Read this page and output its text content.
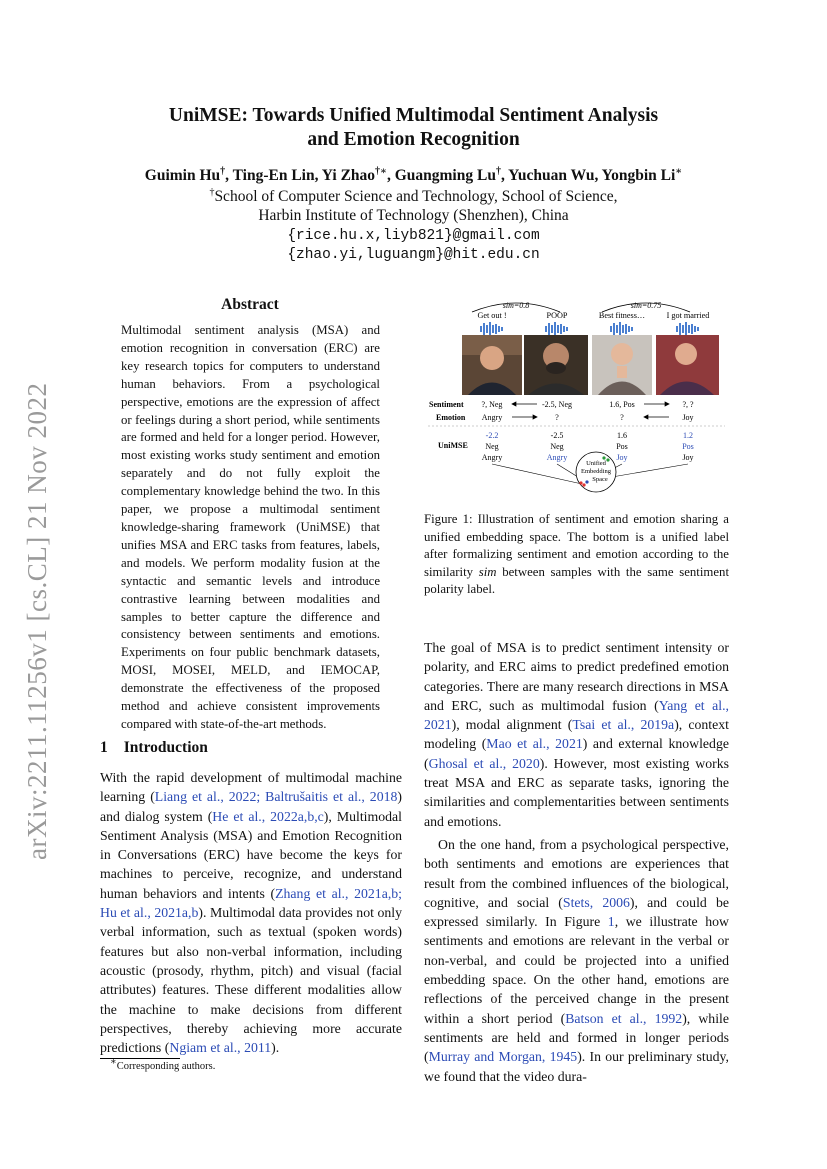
arXiv:2211.11256v1 [cs.CL] 21 Nov 2022
UniMSE: Towards Unified Multimodal Sentiment Analysis
and Emotion Recognition
Guimin Hu†, Ting-En Lin, Yi Zhao†∗, Guangming Lu†, Yuchuan Wu, Yongbin Li∗
†School of Computer Science and Technology, School of Science,
Harbin Institute of Technology (Shenzhen), China
{rice.hu.x,liyb821}@gmail.com
{zhao.yi,luguangm}@hit.edu.cn
Abstract
Multimodal sentiment analysis (MSA) and emotion recognition in conversation (ERC) are key research topics for computers to understand human behaviors. From a psychological perspective, emotions are the expression of affect or feelings during a short period, while sentiments are formed and held for a longer period. However, most existing works study sentiment and emotion separately and do not fully exploit the complementary knowledge behind the two. In this paper, we propose a multimodal sentiment knowledge-sharing framework (UniMSE) that unifies MSA and ERC tasks from features, labels, and models. We perform modality fusion at the syntactic and semantic levels and introduce contrastive learning between modalities and samples to better capture the difference and consistency between sentiments and emotions. Experiments on four public benchmark datasets, MOSI, MOSEI, MELD, and IEMOCAP, demonstrate the effectiveness of the proposed method and achieve consistent improvements compared with state-of-the-art methods.
1 Introduction
With the rapid development of multimodal machine learning (Liang et al., 2022; Baltrušaitis et al., 2018) and dialog system (He et al., 2022a,b,c), Multimodal Sentiment Analysis (MSA) and Emotion Recognition in Conversations (ERC) have become the keys for machines to perceive, recognize, and understand human behaviors and intents (Zhang et al., 2021a,b; Hu et al., 2021a,b). Multimodal data provides not only verbal information, such as textual (spoken words) features but also non-verbal information, including acoustic (prosody, rhythm, pitch) and visual (facial attributes) features. These different modalities allow the machine to make decisions from different perspectives, thereby achieving more accurate predictions (Ngiam et al., 2011).
∗Corresponding authors.
sim=0.8	sim=0.75
Get out !	POOP	Best fitness…	I got married
Sentiment
Emotion
?, Neg	-2.5, Neg	1.6, Pos	?, ?
Angry	?	?	Joy
UniMSE
-2.2	-2.5	1.6	1.2
Neg	Neg	Pos	Pos
Angry	Angry	Joy	Joy
Unified
Embedding
Space
Figure 1: Illustration of sentiment and emotion sharing a unified embedding space. The bottom is a unified label after formalizing sentiment and emotion according to the similarity sim between samples with the same sentiment polarity label.

The goal of MSA is to predict sentiment intensity or polarity, and ERC aims to predict predefined emotion categories. There are many research directions in MSA and ERC, such as multimodal fusion (Yang et al., 2021), modal alignment (Tsai et al., 2019a), context modeling (Mao et al., 2021) and external knowledge (Ghosal et al., 2020). However, most existing works treat MSA and ERC as separate tasks, ignoring the similarities and complementarities between sentiments and emotions.

On the one hand, from a psychological perspective, both sentiments and emotions are experiences that result from the combined influences of the biological, cognitive, and social (Stets, 2006), and could be expressed similarly. In Figure 1, we illustrate how sentiments and emotions are relevant in the verbal or non-verbal, and could be projected into a unified embedding space. On the other hand, emotions are reflections of the perceived change in the present within a short period (Batson et al., 1992), while sentiments are held and formed in longer periods (Murray and Morgan, 1945). In our preliminary study, we found that the video dura-
